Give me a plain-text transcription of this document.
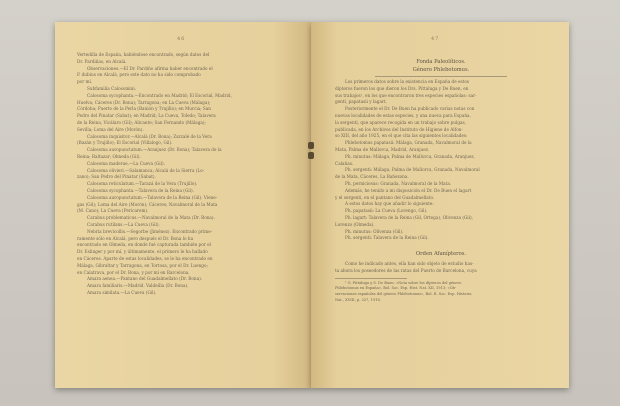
46
Vertedilla de España, habiéndose encontrado, según datos del
Dr. Pardiñas, en Alcalá.
Observaciones.—El Dr. Pardiño afirma haber encontrado el
P. dubius en Alcalá, pero este dato no ha sido comprobado
por mí.
Subfamilia Calosomini.
Calosoma sycophanta.—Encontrado en Madrid; El Escorial, Madrid,
Huelva; Cáceres (Dr. Bona); Tarragona; en La Cueva (Málaga);
Córdoba; Puerto de la Perla (Banión y Trujillo); en Murcia; San
Pedro del Pinatar (Sabat); en Madrid; La Cueva, Toledo; Talavera
de la Reina, Vicálaro (Gil); Alicante; San Fernando (Málaga);
Sevilla; Loma del Aire (Morón).
Calosoma inquisitor.—Alcalá (Dr. Bona); Zarzalé de la Vera
(Bazán y Trujillo); El Escorial (Villalogo, Gil).
Calosoma auropunctatum.—Aranjuez (Dr. Bona); Talavera de la
Reina; Baltazar; Olmeda (Gil).
Calosoma maderae.—La Cueva (Gil).
Calosoma olivieri.—Salamanca; Alcalá de la Sierra (Lo-
zano); San Pedro del Pinatar (Sabat).
Calosoma reticulatum.—Tarazá de la Vera (Trujillo).
Calosoma sycophanta.—Talavera de la Reina (Gil).
Calosoma auropunctatum.—Talavera de la Reina (Gil). Viene-
gas (Gil); Loma del Aire (Morón); Cáceres; Navalmoral de la Mata
(M. Cano); La Cueva (Pericarem).
Carabus problematicus.—Navalmoral de la Mata (Dr. Bona).
Carabus rutilans.—La Cueva (Gil).
Nebria brevicollis.—Segorbe (Jiménez). Encontrado prime-
ramente sólo en Alcalá, pero después el Dr. Bona lo ha
encontrado en Olmeda, en donde fué capturada también por el
Dr. Eslinger y por mí, y últimamente, el primero le ha hallado
en Cáceres. Aparte de estas localidades, se le ha encontrado en
Málaga, Gibraltar y Tarragona, en Tortosa, por el Dr. Luengo;
en Calatrava, por el Dr. Bona, y por mí en Barcelona.
Amara aenea.—Pantano del Guadalmellato (Dr. Bona).
Amara familiaris.—Madrid. Valdeilla (Dr. Bona).
Amara similata.—La Cueva (Gil).
47
Fonda Paleolíticos.
Género Phlebotomus.
Los primeros datos sobre la existencia en España de estos
dípteros fueron los que dieron los Drs. Pittaluga y De Buen, en
sus trabajos¹, en los que encontraron tres especies españolas: sar-
gentí, papatasii y lagart.
Posteriormente el Dr. De Buen ha publicado varias notas con
nuevas localidades de estas especies, y una nueva para España,
la sergenti, que aparece recogida en un trabajo sobre pulgas,
publicada, en los Archivos del Instituto de Higiene de Alfon-
so XIII, del año 1925, en el que cita las siguientes localidades:
Phlebotomus papatasii: Málaga, Granada, Navalmoral de la
Mata, Palma de Mallorca, Madrid, Aranjuez.
Ph. minutus: Málaga, Palma de Mallorca, Granada, Aranjuez,
Calañas.
Ph. sergenti: Málaga, Palma de Mallorca, Granada, Navalmoral
de la Mata, Cáceres, La Bañezona.
Ph. perniciosus: Granada, Navalmoral de la Mata.
Además, he tenido a mi disposición el Dr. De Buen el lagart
y el sergenti, en el pantano del Guadalmellato.
A estos datos hay que añadir lo siguiente:
Ph. papatasii: La Cueva (Lorengo, Gil).
Ph. lagart: Talavera de la Reina (Gil, Ortega), Olivenza (Gil),
Lorenzo (Olmeda).
Ph. minutus: Olivenza (Gil).
Ph. sergenti: Talavera de la Reina (Gil).
Orden Afanípteros.
Como he indicado antes, ella han sido objeto de estudio has-
ta ahora los poseedores de las ratas del Puerto de Barcelona, cuya
¹ G. Pittaluga y S. De Buen: «Nota sobre los dípteros del género
Phlebotomus en España», Bol. Soc. Esp. Hist. Nat. XII, 1913; «Ob-
servaciones españolas del género Phlebotomus», Bol. R. Soc. Esp. Historia
Nat., XVIII, p. 327, 1918.
